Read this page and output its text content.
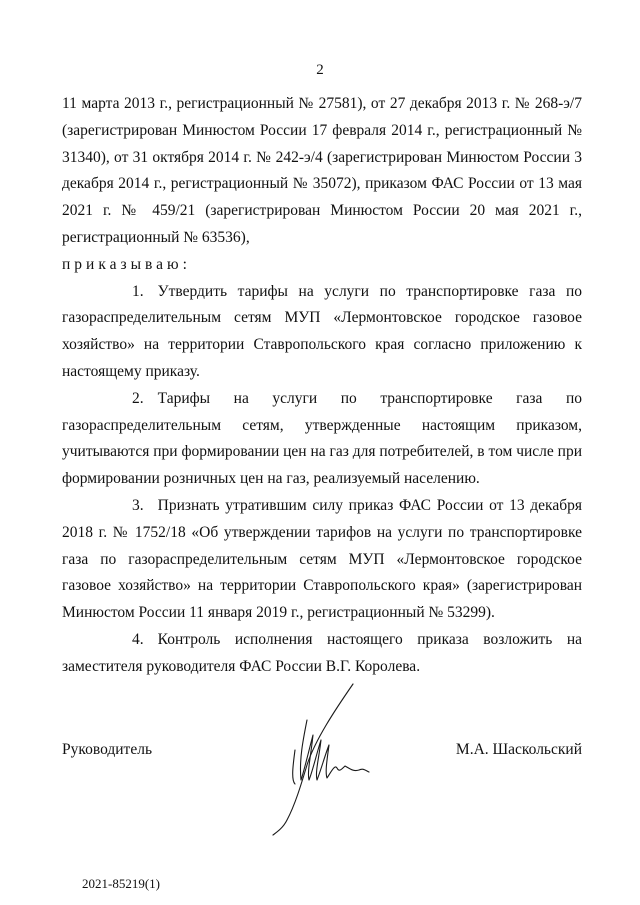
2

11 марта 2013 г., регистрационный № 27581), от 27 декабря 2013 г. № 268-э/7 (зарегистрирован Минюстом России 17 февраля 2014 г., регистрационный № 31340), от 31 октября 2014 г. № 242-э/4 (зарегистрирован Минюстом России 3 декабря 2014 г., регистрационный № 35072), приказом ФАС России от 13 мая 2021 г. № 459/21 (зарегистрирован Минюстом России 20 мая 2021 г., регистрационный № 63536),

приказываю:

1. Утвердить тарифы на услуги по транспортировке газа по газораспределительным сетям МУП «Лермонтовское городское газовое хозяйство» на территории Ставропольского края согласно приложению к настоящему приказу.

2. Тарифы на услуги по транспортировке газа по газораспределительным сетям, утвержденные настоящим приказом, учитываются при формировании цен на газ для потребителей, в том числе при формировании розничных цен на газ, реализуемый населению.

3. Признать утратившим силу приказ ФАС России от 13 декабря 2018 г. № 1752/18 «Об утверждении тарифов на услуги по транспортировке газа по газораспределительным сетям МУП «Лермонтовское городское газовое хозяйство» на территории Ставропольского края» (зарегистрирован Минюстом России 11 января 2019 г., регистрационный № 53299).

4. Контроль исполнения настоящего приказа возложить на заместителя руководителя ФАС России В.Г. Королева.

Руководитель	М.А. Шаскольский
2021-85219(1)
